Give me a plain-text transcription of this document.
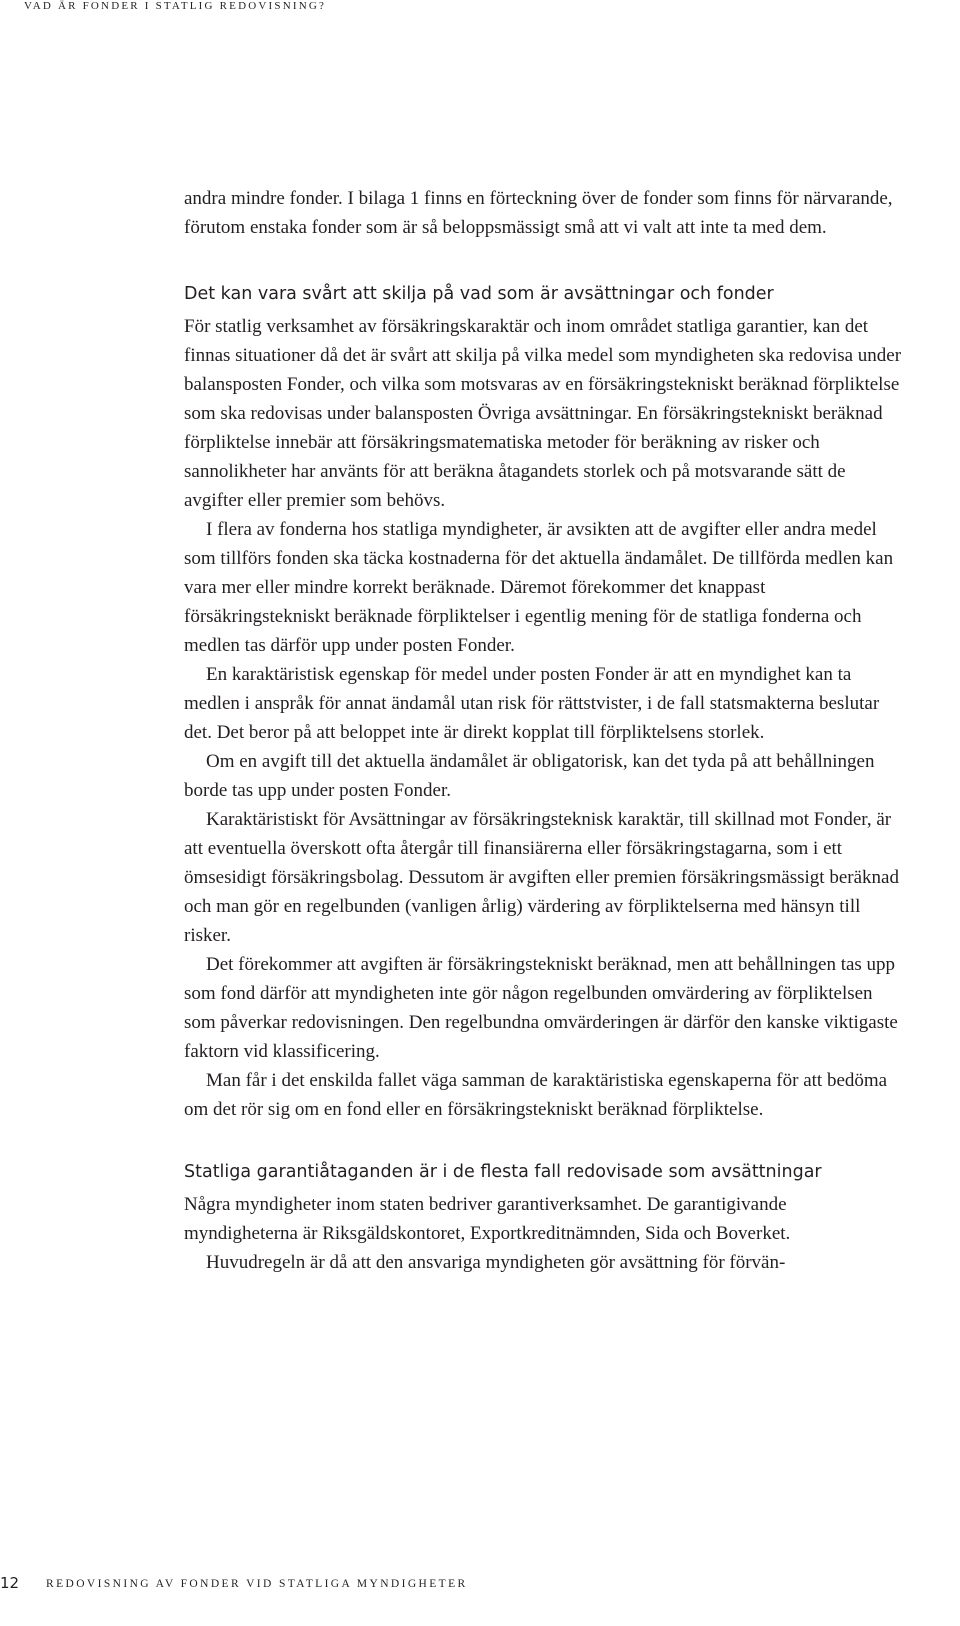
VAD ÄR FONDER I STATLIG REDOVISNING?

andra mindre fonder. I bilaga 1 finns en förteckning över de fonder som finns för närvarande, förutom enstaka fonder som är så beloppsmässigt små att vi valt att inte ta med dem.

Det kan vara svårt att skilja på vad som är avsättningar och fonder

För statlig verksamhet av försäkringskaraktär och inom området statliga garantier, kan det finnas situationer då det är svårt att skilja på vilka medel som myndigheten ska redovisa under balansposten Fonder, och vilka som motsvaras av en försäkringstekniskt beräknad förpliktelse som ska redovisas under balansposten Övriga avsättningar. En försäkringstekniskt beräknad förpliktelse innebär att försäkringsmatematiska metoder för beräkning av risker och sannolikheter har använts för att beräkna åtagandets storlek och på motsvarande sätt de avgifter eller premier som behövs.

I flera av fonderna hos statliga myndigheter, är avsikten att de avgifter eller andra medel som tillförs fonden ska täcka kostnaderna för det aktuella ändamålet. De tillförda medlen kan vara mer eller mindre korrekt beräknade. Däremot förekommer det knappast försäkringstekniskt beräknade förpliktelser i egentlig mening för de statliga fonderna och medlen tas därför upp under posten Fonder.

En karaktäristisk egenskap för medel under posten Fonder är att en myndighet kan ta medlen i anspråk för annat ändamål utan risk för rättstvister, i de fall statsmakterna beslutar det. Det beror på att beloppet inte är direkt kopplat till förpliktelsens storlek.

Om en avgift till det aktuella ändamålet är obligatorisk, kan det tyda på att behållningen borde tas upp under posten Fonder.

Karaktäristiskt för Avsättningar av försäkringsteknisk karaktär, till skillnad mot Fonder, är att eventuella överskott ofta återgår till finansiärerna eller försäkringstagarna, som i ett ömsesidigt försäkringsbolag. Dessutom är avgiften eller premien försäkringsmässigt beräknad och man gör en regelbunden (vanligen årlig) värdering av förpliktelserna med hänsyn till risker.

Det förekommer att avgiften är försäkringstekniskt beräknad, men att behållningen tas upp som fond därför att myndigheten inte gör någon regelbunden omvärdering av förpliktelsen som påverkar redovisningen. Den regelbundna omvärderingen är därför den kanske viktigaste faktorn vid klassificering.

Man får i det enskilda fallet väga samman de karaktäristiska egenskaperna för att bedöma om det rör sig om en fond eller en försäkringstekniskt beräknad förpliktelse.

Statliga garantiåtaganden är i de flesta fall redovisade som avsättningar

Några myndigheter inom staten bedriver garantiverksamhet. De garantigivande myndigheterna är Riksgäldskontoret, Exportkreditnämnden, Sida och Boverket.

Huvudregeln är då att den ansvariga myndigheten gör avsättning för förvän-

12 REDOVISNING AV FONDER VID STATLIGA MYNDIGHETER
